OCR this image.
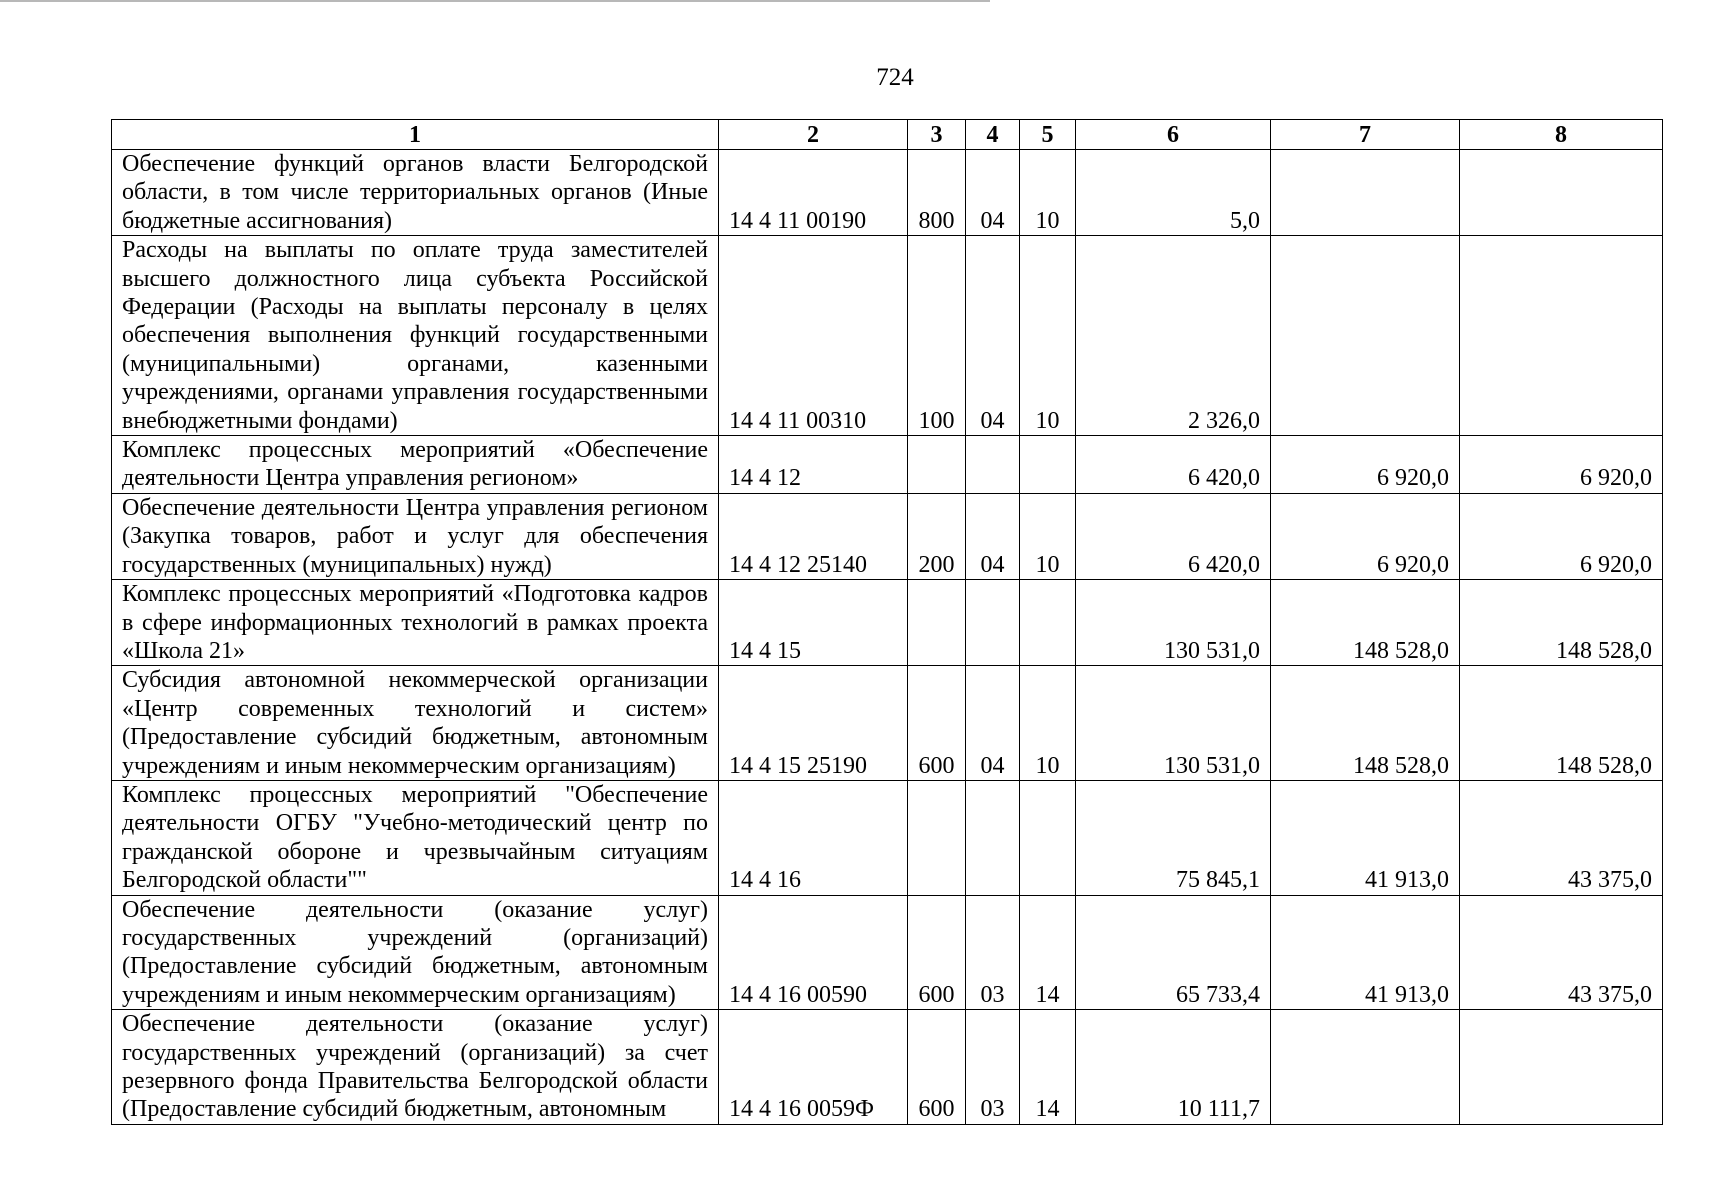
724
1	2	3	4	5	6	7	8
Обеспечение функций органов власти Белгородской области, в том числе территориальных органов (Иные бюджетные ассигнования)	14 4 11 00190	800	04	10	5,0		
Расходы на выплаты по оплате труда заместителей высшего должностного лица субъекта Российской Федерации (Расходы на выплаты персоналу в целях обеспечения выполнения функций государственными (муниципальными) органами, казенными учреждениями, органами управления государственными внебюджетными фондами)	14 4 11 00310	100	04	10	2 326,0		
Комплекс процессных мероприятий «Обеспечение деятельности Центра управления регионом»	14 4 12				6 420,0	6 920,0	6 920,0
Обеспечение деятельности Центра управления регионом (Закупка товаров, работ и услуг для обеспечения государственных (муниципальных) нужд)	14 4 12 25140	200	04	10	6 420,0	6 920,0	6 920,0
Комплекс процессных мероприятий «Подготовка кадров в сфере информационных технологий в рамках проекта «Школа 21»	14 4 15				130 531,0	148 528,0	148 528,0
Субсидия автономной некоммерческой организации «Центр современных технологий и систем» (Предоставление субсидий бюджетным, автономным учреждениям и иным некоммерческим организациям)	14 4 15 25190	600	04	10	130 531,0	148 528,0	148 528,0
Комплекс процессных мероприятий "Обеспечение деятельности ОГБУ "Учебно-методический центр по гражданской обороне и чрезвычайным ситуациям Белгородской области""	14 4 16				75 845,1	41 913,0	43 375,0
Обеспечение деятельности (оказание услуг) государственных учреждений (организаций) (Предоставление субсидий бюджетным, автономным учреждениям и иным некоммерческим организациям)	14 4 16 00590	600	03	14	65 733,4	41 913,0	43 375,0
Обеспечение деятельности (оказание услуг) государственных учреждений (организаций) за счет резервного фонда Правительства Белгородской области (Предоставление субсидий бюджетным, автономным	14 4 16 0059Ф	600	03	14	10 111,7		
